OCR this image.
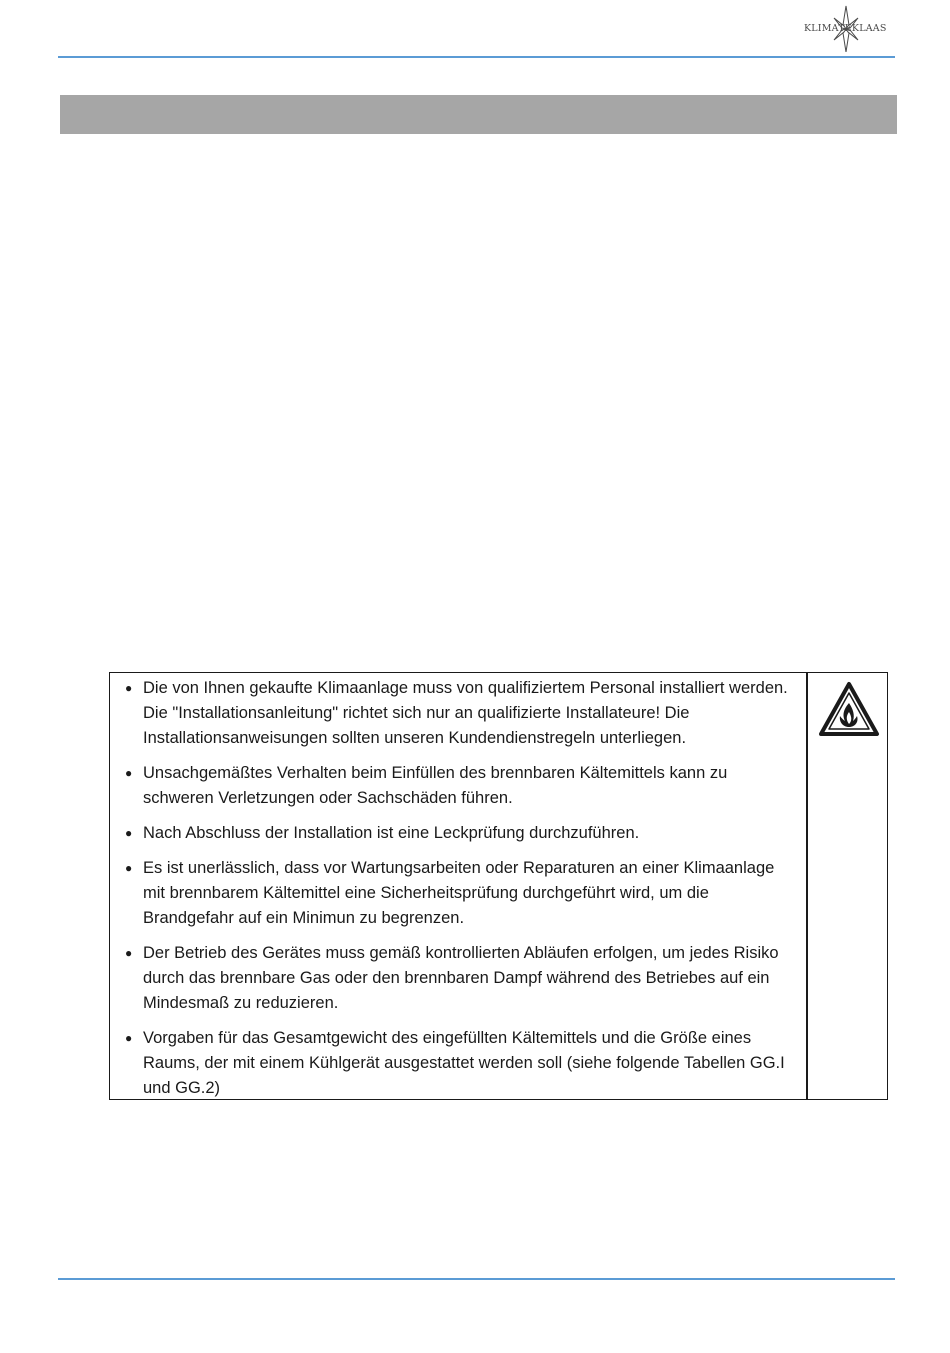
KLIMATEKLAAS
● Die von Ihnen gekaufte Klimaanlage muss von qualifiziertem Personal installiert werden. Die "Installationsanleitung" richtet sich nur an qualifizierte Installateure! Die Installationsanweisungen sollten unseren Kundendienstregeln unterliegen.
● Unsachgemäßtes Verhalten beim Einfüllen des brennbaren Kältemittels kann zu schweren Verletzungen oder Sachschäden führen.
● Nach Abschluss der Installation ist eine Leckprüfung durchzuführen.
● Es ist unerlässlich, dass vor Wartungsarbeiten oder Reparaturen an einer Klimaanlage mit brennbarem Kältemittel eine Sicherheitsprüfung durchgeführt wird, um die Brandgefahr auf ein Minimun zu begrenzen.
● Der Betrieb des Gerätes muss gemäß kontrollierten Abläufen erfolgen, um jedes Risiko durch das brennbare Gas oder den brennbaren Dampf während des Betriebes auf ein Mindesmaß zu reduzieren.
● Vorgaben für das Gesamtgewicht des eingefüllten Kältemittels und die Größe eines Raums, der mit einem Kühlgerät ausgestattet werden soll (siehe folgende Tabellen GG.I und GG.2)
